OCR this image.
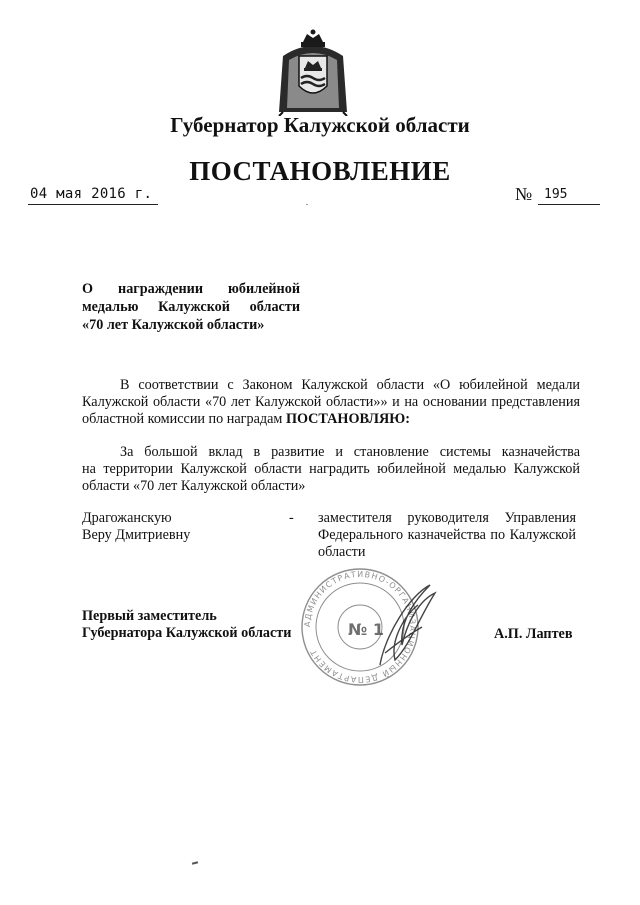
Губернатор Калужской области
ПОСТАНОВЛЕНИЕ
04 мая 2016 г.	№ 195
О награждении юбилейной
медалью Калужской области
«70 лет Калужской области»
В соответствии с Законом Калужской области «О юбилейной медали
Калужской области «70 лет Калужской области»» и на основании представления
областной комиссии по наградам ПОСТАНОВЛЯЮ:
За большой вклад в развитие и становление системы казначейства
на территории Калужской области наградить юбилейной медалью Калужской
области «70 лет Калужской области»
Драгожанскую
Веру Дмитриевну
- заместителя руководителя Управления
Федерального казначейства по Калужской
области
Первый заместитель
Губернатора Калужской области
АДМИНИСТРАТИВНО-ОРГАНИЗАЦИОННЫЙ ДЕПАРТАМЕНТ
№ 1	А.П. Лаптев
